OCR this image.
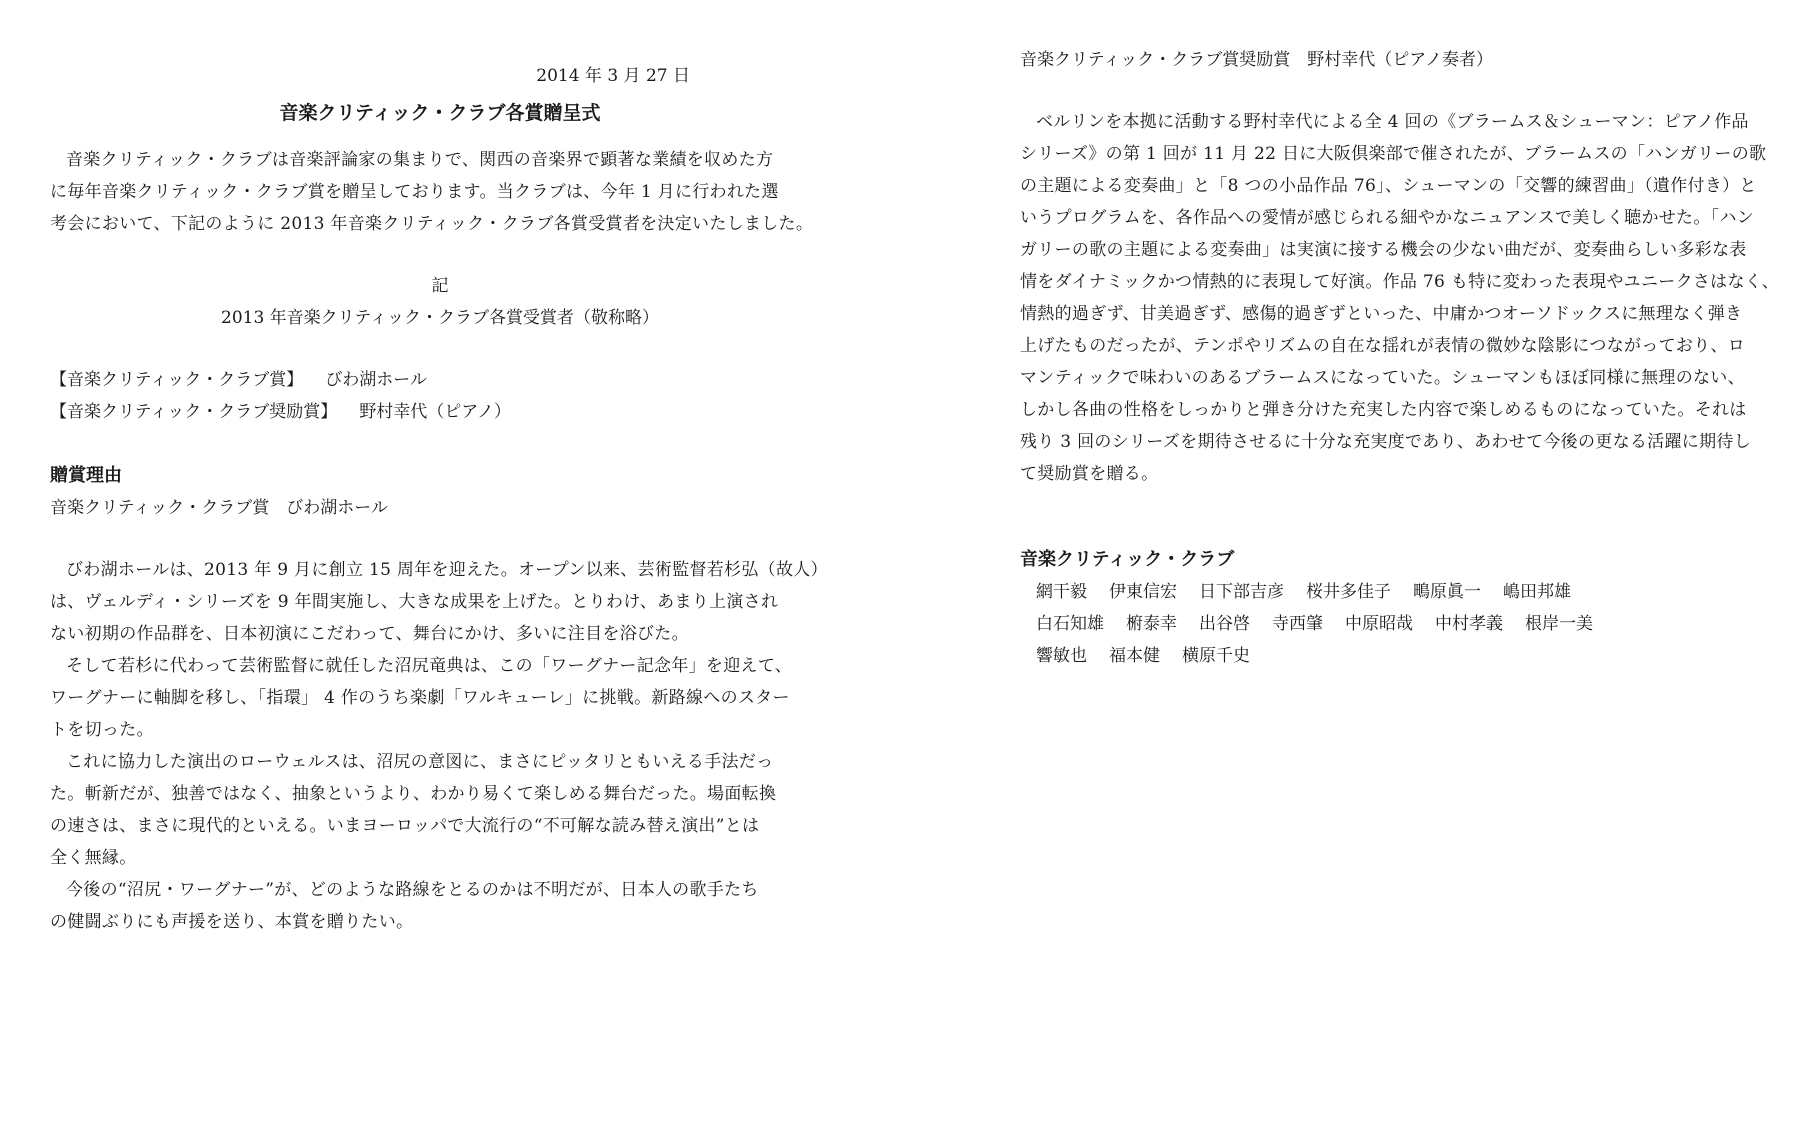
2014 年 3 月 27 日
音楽クリティック・クラブ各賞贈呈式
音楽クリティック・クラブは音楽評論家の集まりで、関西の音楽界で顕著な業績を収めた方
に毎年音楽クリティック・クラブ賞を贈呈しております。当クラブは、今年 1 月に行われた選
考会において、下記のように 2013 年音楽クリティック・クラブ各賞受賞者を決定いたしました。
記
2013 年音楽クリティック・クラブ各賞受賞者（敬称略）
【音楽クリティック・クラブ賞】 びわ湖ホール
【音楽クリティック・クラブ奨励賞】 野村幸代（ピアノ）
贈賞理由
音楽クリティック・クラブ賞　びわ湖ホール
びわ湖ホールは、2013 年 9 月に創立 15 周年を迎えた。オープン以来、芸術監督若杉弘（故人）
は、ヴェルディ・シリーズを 9 年間実施し、大きな成果を上げた。とりわけ、あまり上演され
ない初期の作品群を、日本初演にこだわって、舞台にかけ、多いに注目を浴びた。
そして若杉に代わって芸術監督に就任した沼尻竜典は、この「ワーグナー記念年」を迎えて、
ワーグナーに軸脚を移し、「指環」 4 作のうち楽劇「ワルキューレ」に挑戦。新路線へのスター
トを切った。
これに協力した演出のローウェルスは、沼尻の意図に、まさにピッタリともいえる手法だっ
た。斬新だが、独善ではなく、抽象というより、わかり易くて楽しめる舞台だった。場面転換
の速さは、まさに現代的といえる。いまヨーロッパで大流行の“不可解な読み替え演出”とは
全く無縁。
今後の“沼尻・ワーグナー”が、どのような路線をとるのかは不明だが、日本人の歌手たち
の健闘ぶりにも声援を送り、本賞を贈りたい。
音楽クリティック・クラブ賞奨励賞　野村幸代（ピアノ奏者）
ベルリンを本拠に活動する野村幸代による全 4 回の《ブラームス＆シューマン：ピアノ作品
シリーズ》の第 1 回が 11 月 22 日に大阪倶楽部で催されたが、ブラームスの「ハンガリーの歌
の主題による変奏曲」と「8 つの小品作品 76」、シューマンの「交響的練習曲」（遺作付き）と
いうプログラムを、各作品への愛情が感じられる細やかなニュアンスで美しく聴かせた。「ハン
ガリーの歌の主題による変奏曲」は実演に接する機会の少ない曲だが、変奏曲らしい多彩な表
情をダイナミックかつ情熱的に表現して好演。作品 76 も特に変わった表現やユニークさはなく、
情熱的過ぎず、甘美過ぎず、感傷的過ぎずといった、中庸かつオーソドックスに無理なく弾き
上げたものだったが、テンポやリズムの自在な揺れが表情の微妙な陰影につながっており、ロ
マンティックで味わいのあるブラームスになっていた。シューマンもほぼ同様に無理のない、
しかし各曲の性格をしっかりと弾き分けた充実した内容で楽しめるものになっていた。それは
残り 3 回のシリーズを期待させるに十分な充実度であり、あわせて今後の更なる活躍に期待し
て奨励賞を贈る。
音楽クリティック・クラブ
網干毅 伊東信宏 日下部吉彦 桜井多佳子 鴫原眞一 嶋田邦雄
白石知雄 椨泰幸 出谷啓 寺西肇 中原昭哉 中村孝義 根岸一美
響敏也 福本健 横原千史
